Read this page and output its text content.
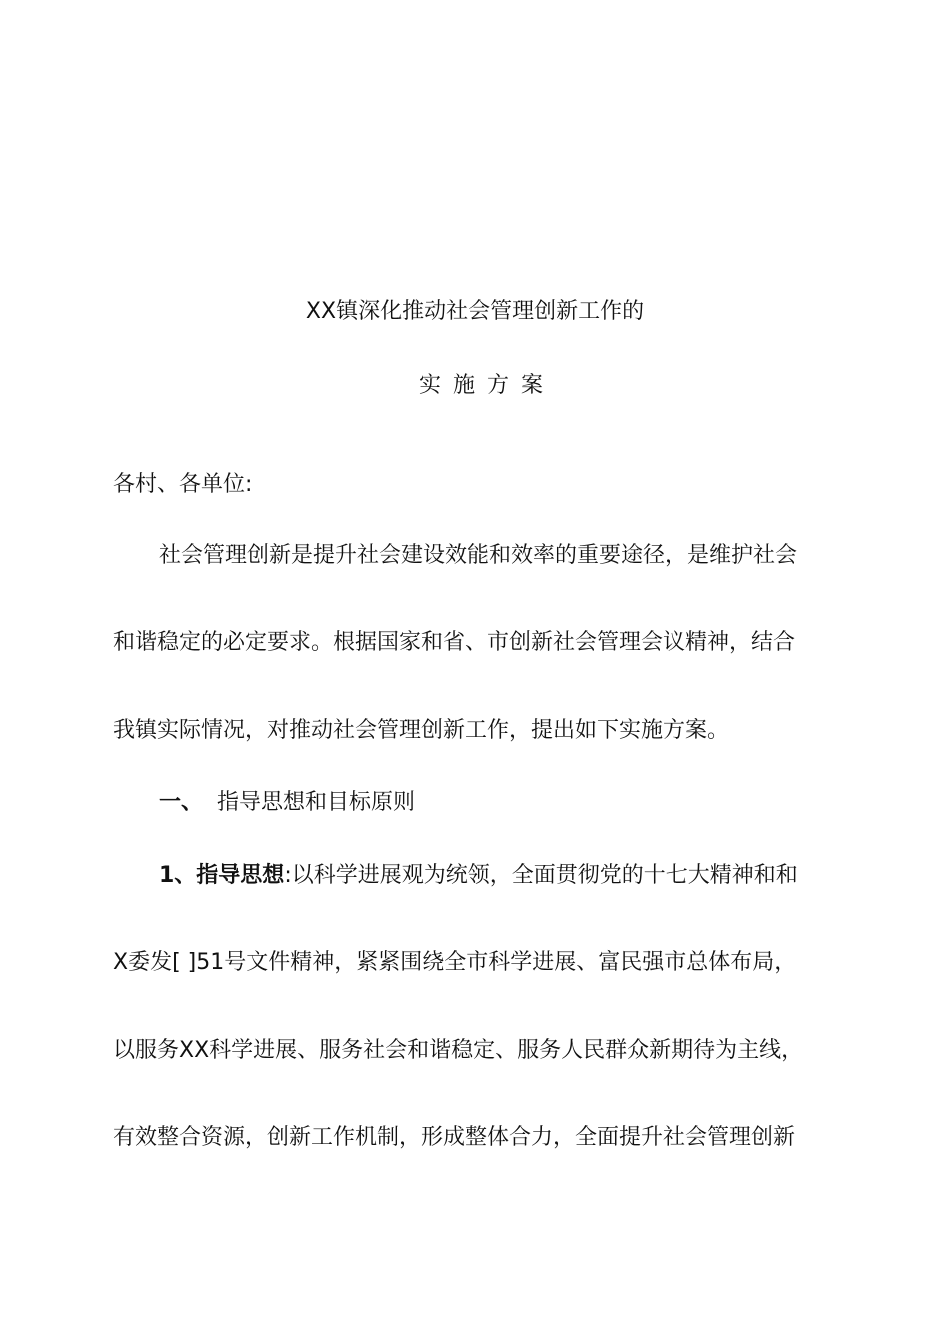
XX镇深化推动社会管理创新工作的
实施方案
各村、各单位:
社会管理创新是提升社会建设效能和效率的重要途径，是维护社会
和谐稳定的必定要求。根据国家和省、市创新社会管理会议精神，结合
我镇实际情况，对推动社会管理创新工作，提出如下实施方案。
一、 指导思想和目标原则
1、指导思想:以科学进展观为统领，全面贯彻党的十七大精神和和
X委发[ ]51号文件精神，紧紧围绕全市科学进展、富民强市总体布局，
以服务XX科学进展、服务社会和谐稳定、服务人民群众新期待为主线，
有效整合资源，创新工作机制，形成整体合力，全面提升社会管理创新
